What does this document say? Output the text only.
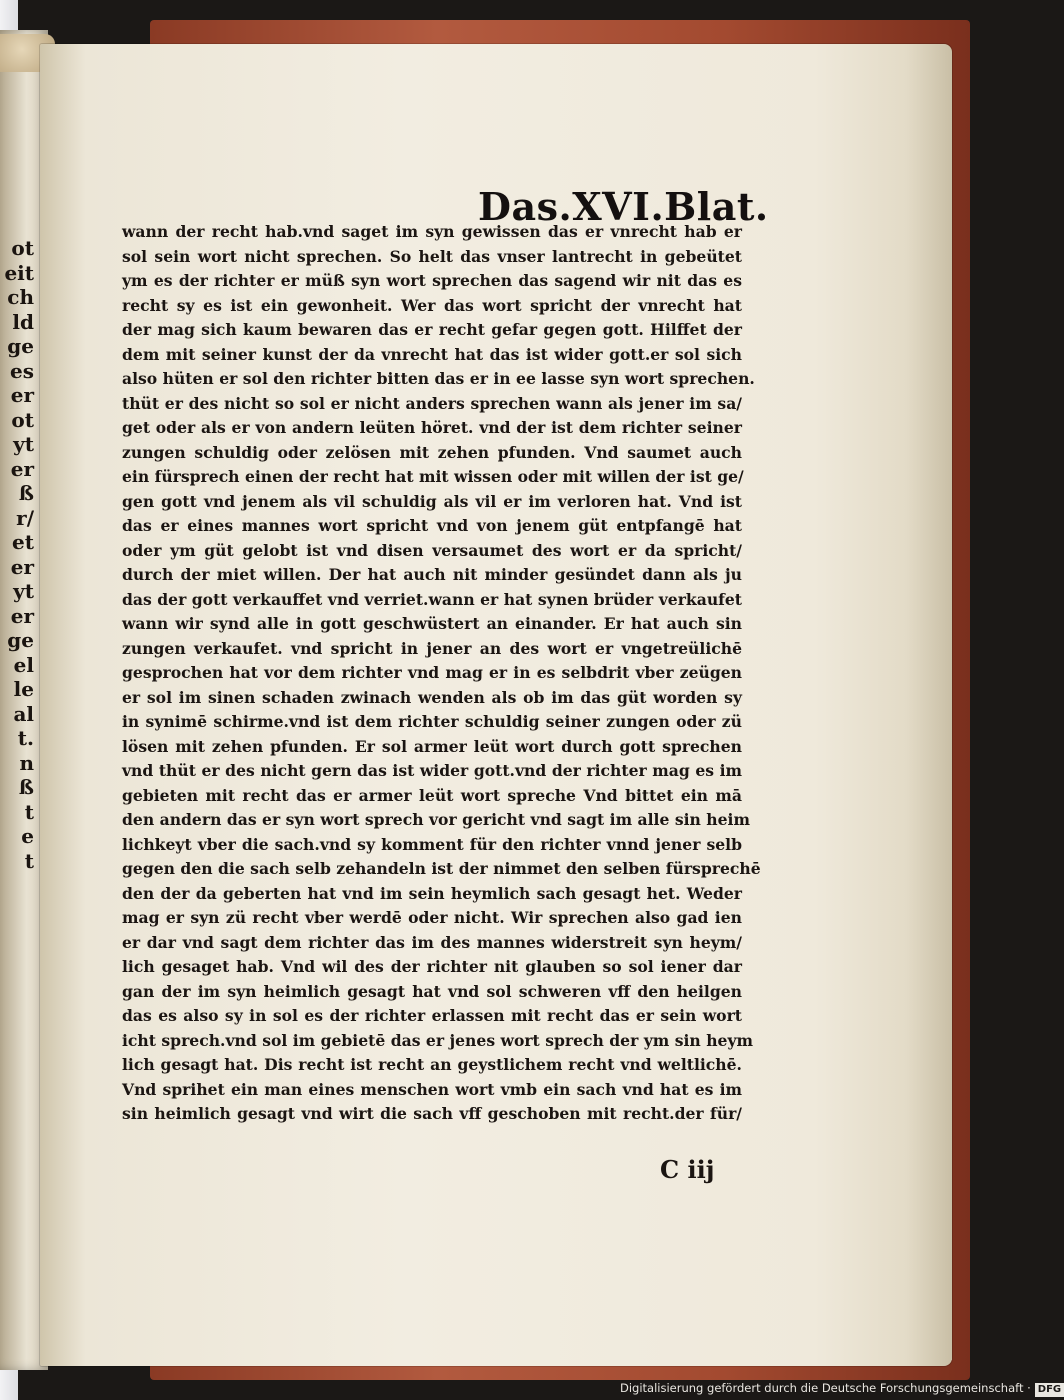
ot
eit
ch
ld
ge
es
er
ot
yt
er
ß
r/
et
er
yt
er
ge
el
le
al
t.
n
ß
t
e
t
Das.XVI.Blat.
wann der recht hab.vnd saget im syn gewissen das er vnrecht hab er
sol sein wort nicht sprechen. So helt das vnser lantrecht in gebeütet
ym es der richter er müß syn wort sprechen das sagend wir nit das es
recht sy es ist ein gewonheit. Wer das wort spricht der vnrecht hat
der mag sich kaum bewaren das er recht gefar gegen gott. Hilffet der
dem mit seiner kunst der da vnrecht hat das ist wider gott.er sol sich
also hüten er sol den richter bitten das er in ee lasse syn wort sprechen.
thüt er des nicht so sol er nicht anders sprechen wann als jener im sa/
get oder als er von andern leüten höret. vnd der ist dem richter seiner
zungen schuldig oder zelösen mit zehen pfunden. Vnd saumet auch
ein fürsprech einen der recht hat mit wissen oder mit willen der ist ge/
gen gott vnd jenem als vil schuldig als vil er im verloren hat. Vnd ist
das er eines mannes wort spricht vnd von jenem güt entpfangē hat
oder ym güt gelobt ist vnd disen versaumet des wort er da spricht/
durch der miet willen. Der hat auch nit minder gesündet dann als ju
das der gott verkauffet vnd verriet.wann er hat synen brüder verkaufet
wann wir synd alle in gott geschwüstert an einander. Er hat auch sin
zungen verkaufet. vnd spricht in jener an des wort er vngetreülichē
gesprochen hat vor dem richter vnd mag er in es selbdrit vber zeügen
er sol im sinen schaden zwinach wenden als ob im das güt worden sy
in synimē schirme.vnd ist dem richter schuldig seiner zungen oder zü
lösen mit zehen pfunden. Er sol armer leüt wort durch gott sprechen
vnd thüt er des nicht gern das ist wider gott.vnd der richter mag es im
gebieten mit recht das er armer leüt wort spreche Vnd bittet ein mā
den andern das er syn wort sprech vor gericht vnd sagt im alle sin heim
lichkeyt vber die sach.vnd sy komment für den richter vnnd jener selb
gegen den die sach selb zehandeln ist der nimmet den selben fürsprechē
den der da geberten hat vnd im sein heymlich sach gesagt het. Weder
mag er syn zü recht vber werdē oder nicht. Wir sprechen also gad ien
er dar vnd sagt dem richter das im des mannes widerstreit syn heym/
lich gesaget hab. Vnd wil des der richter nit glauben so sol iener dar
gan der im syn heimlich gesagt hat vnd sol schweren vff den heilgen
das es also sy in sol es der richter erlassen mit recht das er sein wort
icht sprech.vnd sol im gebietē das er jenes wort sprech der ym sin heym
lich gesagt hat. Dis recht ist recht an geystlichem recht vnd weltlichē.
Vnd sprihet ein man eines menschen wort vmb ein sach vnd hat es im
sin heimlich gesagt vnd wirt die sach vff geschoben mit recht.der für/
C iij
Digitalisierung gefördert durch die Deutsche Forschungsgemeinschaft · DFG
